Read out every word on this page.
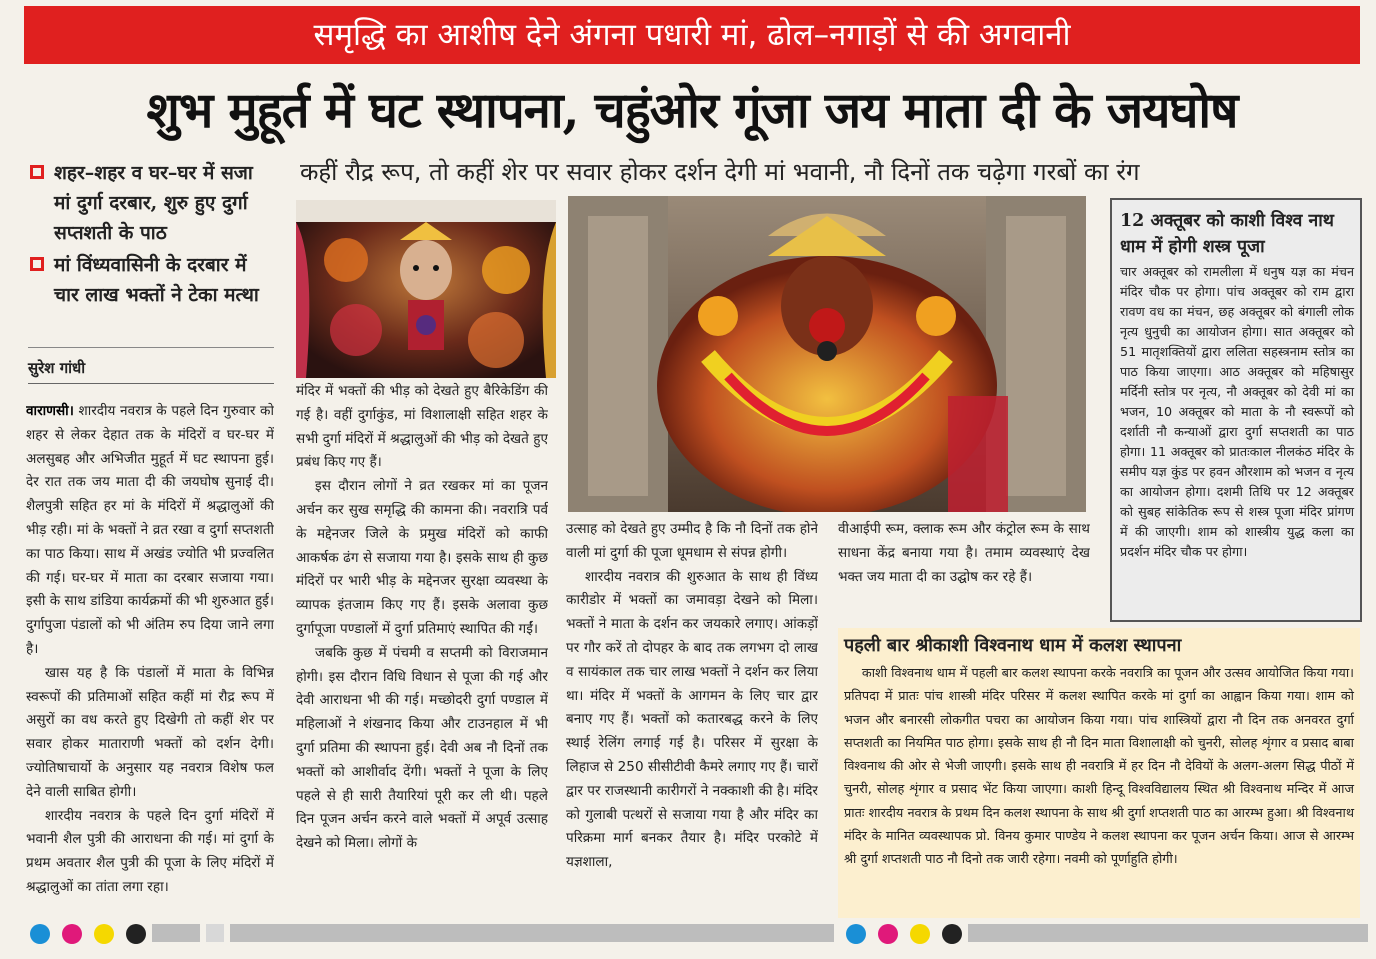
समृद्धि का आशीष देने अंगना पधारी मां, ढोल–नगाड़ों से की अगवानी
शुभ मुहूर्त में घट स्थापना, चहुंओर गूंजा जय माता दी के जयघोष
कहीं रौद्र रूप, तो कहीं शेर पर सवार होकर दर्शन देगी मां भवानी, नौ दिनों तक चढ़ेगा गरबों का रंग
शहर–शहर व घर–घर में सजा मां दुर्गा दरबार, शुरु हुए दुर्गा सप्तशती के पाठ
मां विंध्यवासिनी के दरबार में चार लाख भक्तों ने टेका मत्था
सुरेश गांधी

वाराणसी। शारदीय नवरात्र के पहले दिन गुरुवार को शहर से लेकर देहात तक के मंदिरों व घर-घर में अलसुबह और अभिजीत मुहूर्त में घट स्थापना हुई। देर रात तक जय माता दी की जयघोष सुनाई दी। शैलपुत्री सहित हर मां के मंदिरों में श्रद्धालुओं की भीड़ रही। मां के भक्तों ने व्रत रखा व दुर्गा सप्तशती का पाठ किया। साथ में अखंड ज्योति भी प्रज्वलित की गई। घर-घर में माता का दरबार सजाया गया। इसी के साथ डांडिया कार्यक्रमों की भी शुरुआत हुई। दुर्गापुजा पंडालों को भी अंतिम रुप दिया जाने लगा है।

खास यह है कि पंडालों में माता के विभिन्न स्वरूपों की प्रतिमाओं सहित कहीं मां रौद्र रूप में असुरों का वध करते हुए दिखेगी तो कहीं शेर पर सवार होकर माताराणी भक्तों को दर्शन देगी। ज्योतिषाचार्यो के अनुसार यह नवरात्र विशेष फल देने वाली साबित होगी।

शारदीय नवरात्र के पहले दिन दुर्गा मंदिरों में भवानी शैल पुत्री की आराधना की गई। मां दुर्गा के प्रथम अवतार शैल पुत्री की पूजा के लिए मंदिरों में श्रद्धालुओं का तांता लगा रहा।

मंदिर में भक्तों की भीड़ को देखते हुए बैरिकेडिंग की गई है। वहीं दुर्गाकुंड, मां विशालाक्षी सहित शहर के सभी दुर्गा मंदिरों में श्रद्धालुओं की भीड़ को देखते हुए प्रबंध किए गए हैं।

इस दौरान लोगों ने व्रत रखकर मां का पूजन अर्चन कर सुख समृद्धि की कामना की। नवरात्रि पर्व के मद्देनजर जिले के प्रमुख मंदिरों को काफी आकर्षक ढंग से सजाया गया है। इसके साथ ही कुछ मंदिरों पर भारी भीड़ के मद्देनजर सुरक्षा व्यवस्था के व्यापक इंतजाम किए गए हैं। इसके अलावा कुछ दुर्गापूजा पण्डालों में दुर्गा प्रतिमाएं स्थापित की गईं।

जबकि कुछ में पंचमी व सप्तमी को विराजमान होगी। इस दौरान विधि विधान से पूजा की गई और देवी आराधना भी की गई। मच्छोदरी दुर्गा पण्डाल में महिलाओं ने शंखनाद किया और टाउनहाल में भी दुर्गा प्रतिमा की स्थापना हुई। देवी अब नौ दिनों तक भक्तों को आशीर्वाद देंगी। भक्तों ने पूजा के लिए पहले से ही सारी तैयारियां पूरी कर ली थी। पहले दिन पूजन अर्चन करने वाले भक्तों में अपूर्व उत्साह देखने को मिला। लोगों के

उत्साह को देखते हुए उम्मीद है कि नौ दिनों तक होने वाली मां दुर्गा की पूजा धूमधाम से संपन्न होगी।

शारदीय नवरात्र की शुरुआत के साथ ही विंध्य कारीडोर में भक्तों का जमावड़ा देखने को मिला। भक्तों ने माता के दर्शन कर जयकारे लगाए। आंकड़ों पर गौर करें तो दोपहर के बाद तक लगभग दो लाख व सायंकाल तक चार लाख भक्तों ने दर्शन कर लिया था। मंदिर में भक्तों के आगमन के लिए चार द्वार बनाए गए हैं। भक्तों को कतारबद्ध करने के लिए स्थाई रेलिंग लगाई गई है। परिसर में सुरक्षा के लिहाज से 250 सीसीटीवी कैमरे लगाए गए हैं। चारों द्वार पर राजस्थानी कारीगरों ने नक्काशी की है। मंदिर को गुलाबी पत्थरों से सजाया गया है और मंदिर का परिक्रमा मार्ग बनकर तैयार है। मंदिर परकोटे में यज्ञशाला,

वीआईपी रूम, क्लाक रूम और कंट्रोल रूम के साथ साधना केंद्र बनाया गया है। तमाम व्यवस्थाएं देख भक्त जय माता दी का उद्घोष कर रहे हैं।

12 अक्तूबर को काशी विश्व नाथ धाम में होगी शस्त्र पूजा
चार अक्तूबर को रामलीला में धनुष यज्ञ का मंचन मंदिर चौक पर होगा। पांच अक्तूबर को राम द्वारा रावण वध का मंचन, छह अक्तूबर को बंगाली लोक नृत्य धुनुची का आयोजन होगा। सात अक्तूबर को 51 मातृशक्तियों द्वारा ललिता सहस्त्रनाम स्तोत्र का पाठ किया जाएगा। आठ अक्तूबर को महिषासुर मर्दिनी स्तोत्र पर नृत्य, नौ अक्तूबर को देवी मां का भजन, 10 अक्तूबर को माता के नौ स्वरूपों को दर्शाती नौ कन्याओं द्वारा दुर्गा सप्तशती का पाठ होगा। 11 अक्तूबर को प्रातःकाल नीलकंठ मंदिर के समीप यज्ञ कुंड पर हवन औरशाम को भजन व नृत्य का आयोजन होगा। दशमी तिथि पर 12 अक्तूबर को सुबह सांकेतिक रूप से शस्त्र पूजा मंदिर प्रांगण में की जाएगी। शाम को शास्त्रीय युद्ध कला का प्रदर्शन मंदिर चौक पर होगा।
पहली बार श्रीकाशी विश्वनाथ धाम में कलश स्थापना
काशी विश्वनाथ धाम में पहली बार कलश स्थापना करके नवरात्रि का पूजन और उत्सव आयोजित किया गया। प्रतिपदा में प्रातः पांच शास्त्री मंदिर परिसर में कलश स्थापित करके मां दुर्गा का आह्वान किया गया। शाम को भजन और बनारसी लोकगीत पचरा का आयोजन किया गया। पांच शास्त्रियों द्वारा नौ दिन तक अनवरत दुर्गा सप्तशती का नियमित पाठ होगा। इसके साथ ही नौ दिन माता विशालाक्षी को चुनरी, सोलह शृंगार व प्रसाद बाबा विश्वनाथ की ओर से भेजी जाएगी। इसके साथ ही नवरात्रि में हर दिन नौ देवियों के अलग-अलग सिद्ध पीठों में चुनरी, सोलह शृंगार व प्रसाद भेंट किया जाएगा। काशी हिन्दू विश्वविद्यालय स्थित श्री विश्वनाथ मन्दिर में आज प्रातः शारदीय नवरात्र के प्रथम दिन कलश स्थापना के साथ श्री दुर्गा शप्तशती पाठ का आरम्भ हुआ। श्री विश्वनाथ मंदिर के मानित व्यवस्थापक प्रो. विनय कुमार पाण्डेय ने कलश स्थापना कर पूजन अर्चन किया। आज से आरम्भ श्री दुर्गा शप्तशती पाठ नौ दिनो तक जारी रहेगा। नवमी को पूर्णाहुति होगी।
